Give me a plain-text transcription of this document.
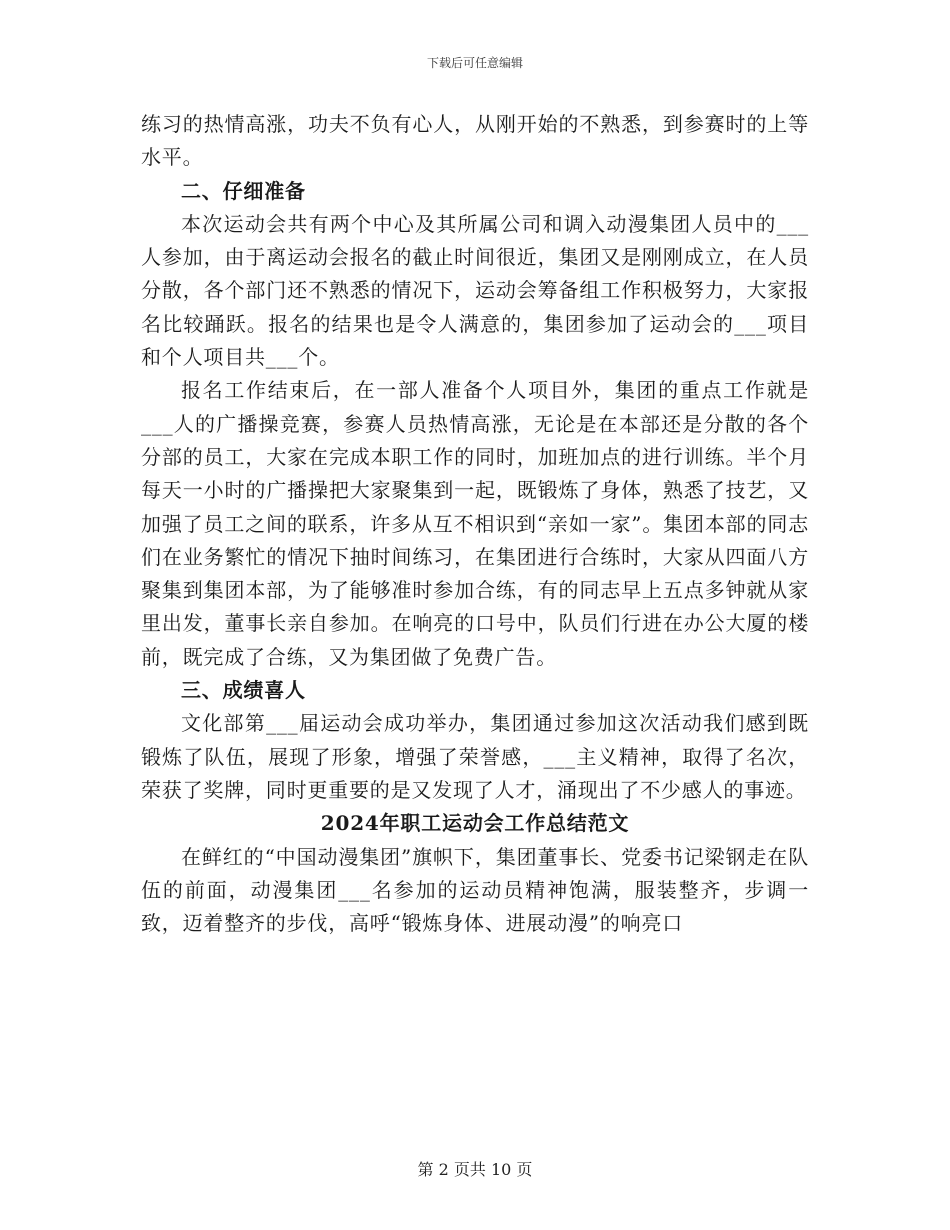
下载后可任意编辑

练习的热情高涨，功夫不负有心人，从刚开始的不熟悉，到参赛时的上等水平。

二、仔细准备

本次运动会共有两个中心及其所属公司和调入动漫集团人员中的___人参加，由于离运动会报名的截止时间很近，集团又是刚刚成立，在人员分散，各个部门还不熟悉的情况下，运动会筹备组工作积极努力，大家报名比较踊跃。报名的结果也是令人满意的，集团参加了运动会的___项目和个人项目共___个。

报名工作结束后，在一部人准备个人项目外，集团的重点工作就是___人的广播操竞赛，参赛人员热情高涨，无论是在本部还是分散的各个分部的员工，大家在完成本职工作的同时，加班加点的进行训练。半个月每天一小时的广播操把大家聚集到一起，既锻炼了身体，熟悉了技艺，又加强了员工之间的联系，许多从互不相识到“亲如一家”。集团本部的同志们在业务繁忙的情况下抽时间练习，在集团进行合练时，大家从四面八方聚集到集团本部，为了能够准时参加合练，有的同志早上五点多钟就从家里出发，董事长亲自参加。在响亮的口号中，队员们行进在办公大厦的楼前，既完成了合练，又为集团做了免费广告。

三、成绩喜人

文化部第___届运动会成功举办，集团通过参加这次活动我们感到既锻炼了队伍，展现了形象，增强了荣誉感，___主义精神，取得了名次，荣获了奖牌，同时更重要的是又发现了人才，涌现出了不少感人的事迹。

2024年职工运动会工作总结范文

在鲜红的“中国动漫集团”旗帜下，集团董事长、党委书记梁钢走在队伍的前面，动漫集团___名参加的运动员精神饱满，服装整齐，步调一致，迈着整齐的步伐，高呼“锻炼身体、进展动漫”的响亮口

第 2 页共 10 页
